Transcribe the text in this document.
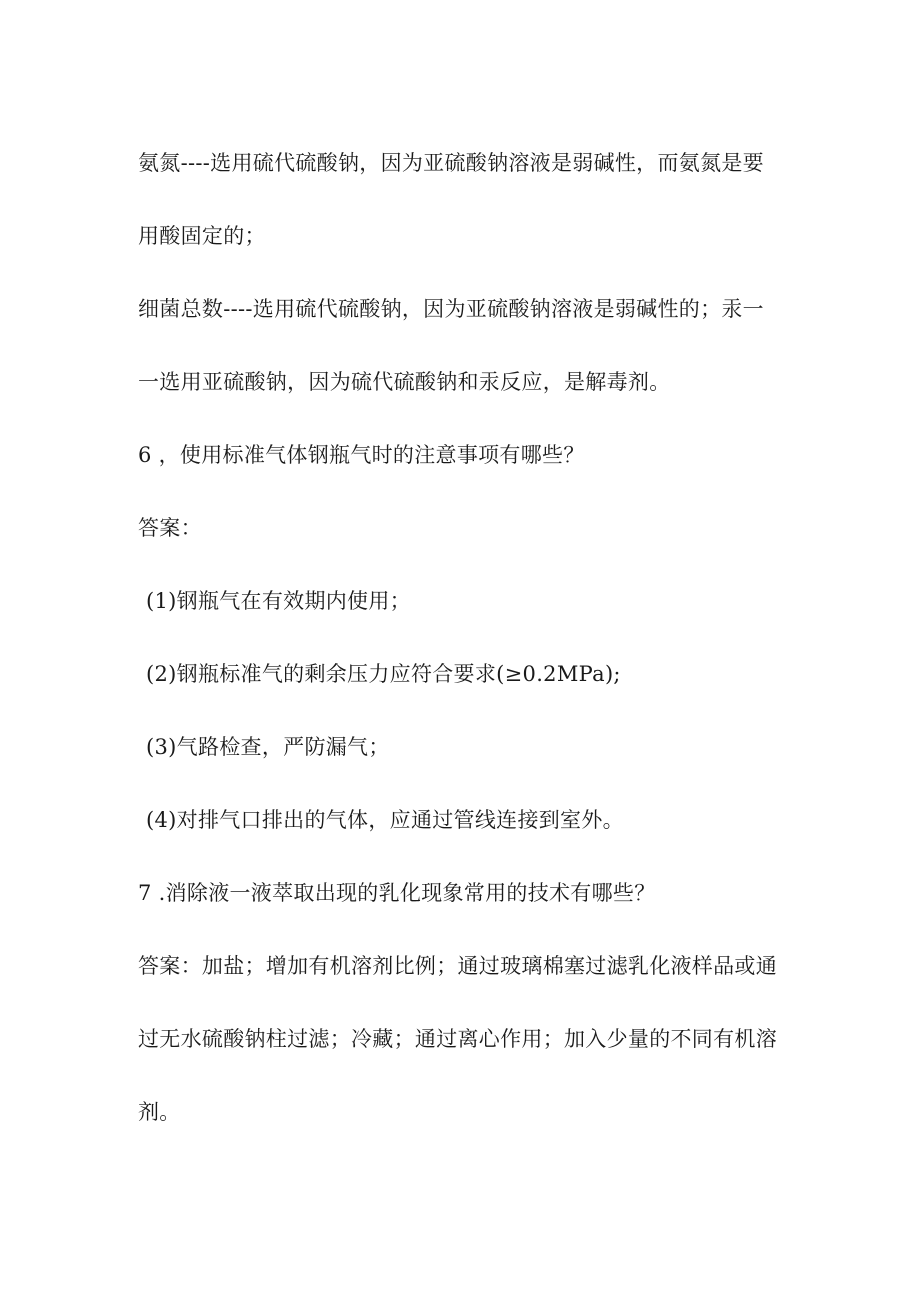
氨氮----选用硫代硫酸钠，因为亚硫酸钠溶液是弱碱性，而氨氮是要
用酸固定的；
细菌总数----选用硫代硫酸钠，因为亚硫酸钠溶液是弱碱性的；汞一
一选用亚硫酸钠，因为硫代硫酸钠和汞反应，是解毒剂。
6 ，使用标准气体钢瓶气时的注意事项有哪些？
答案：
(1)钢瓶气在有效期内使用；
(2)钢瓶标准气的剩余压力应符合要求(≥0.2MPa);
(3)气路检查，严防漏气；
(4)对排气口排出的气体，应通过管线连接到室外。
7 .消除液一液萃取出现的乳化现象常用的技术有哪些？
答案：加盐；增加有机溶剂比例；通过玻璃棉塞过滤乳化液样品或通
过无水硫酸钠柱过滤；冷藏；通过离心作用；加入少量的不同有机溶
剂。
